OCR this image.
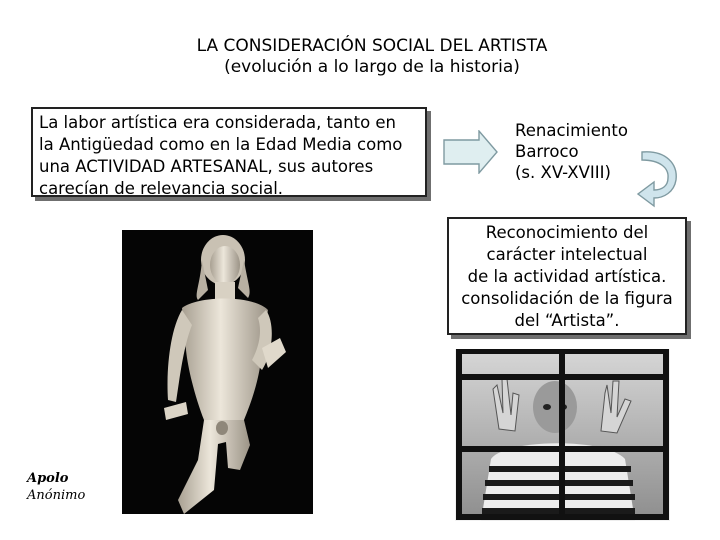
LA CONSIDERACIÓN SOCIAL DEL ARTISTA
(evolución a lo largo de la historia)
La labor artística era considerada, tanto en
la Antigüedad como en la Edad Media como
una ACTIVIDAD ARTESANAL, sus autores
carecían de relevancia social.
Renacimiento
Barroco
(s. XV-XVIII)
Reconocimiento del
carácter intelectual
de la actividad artística.
consolidación de la figura
del “Artista”.
Apolo
Anónimo
